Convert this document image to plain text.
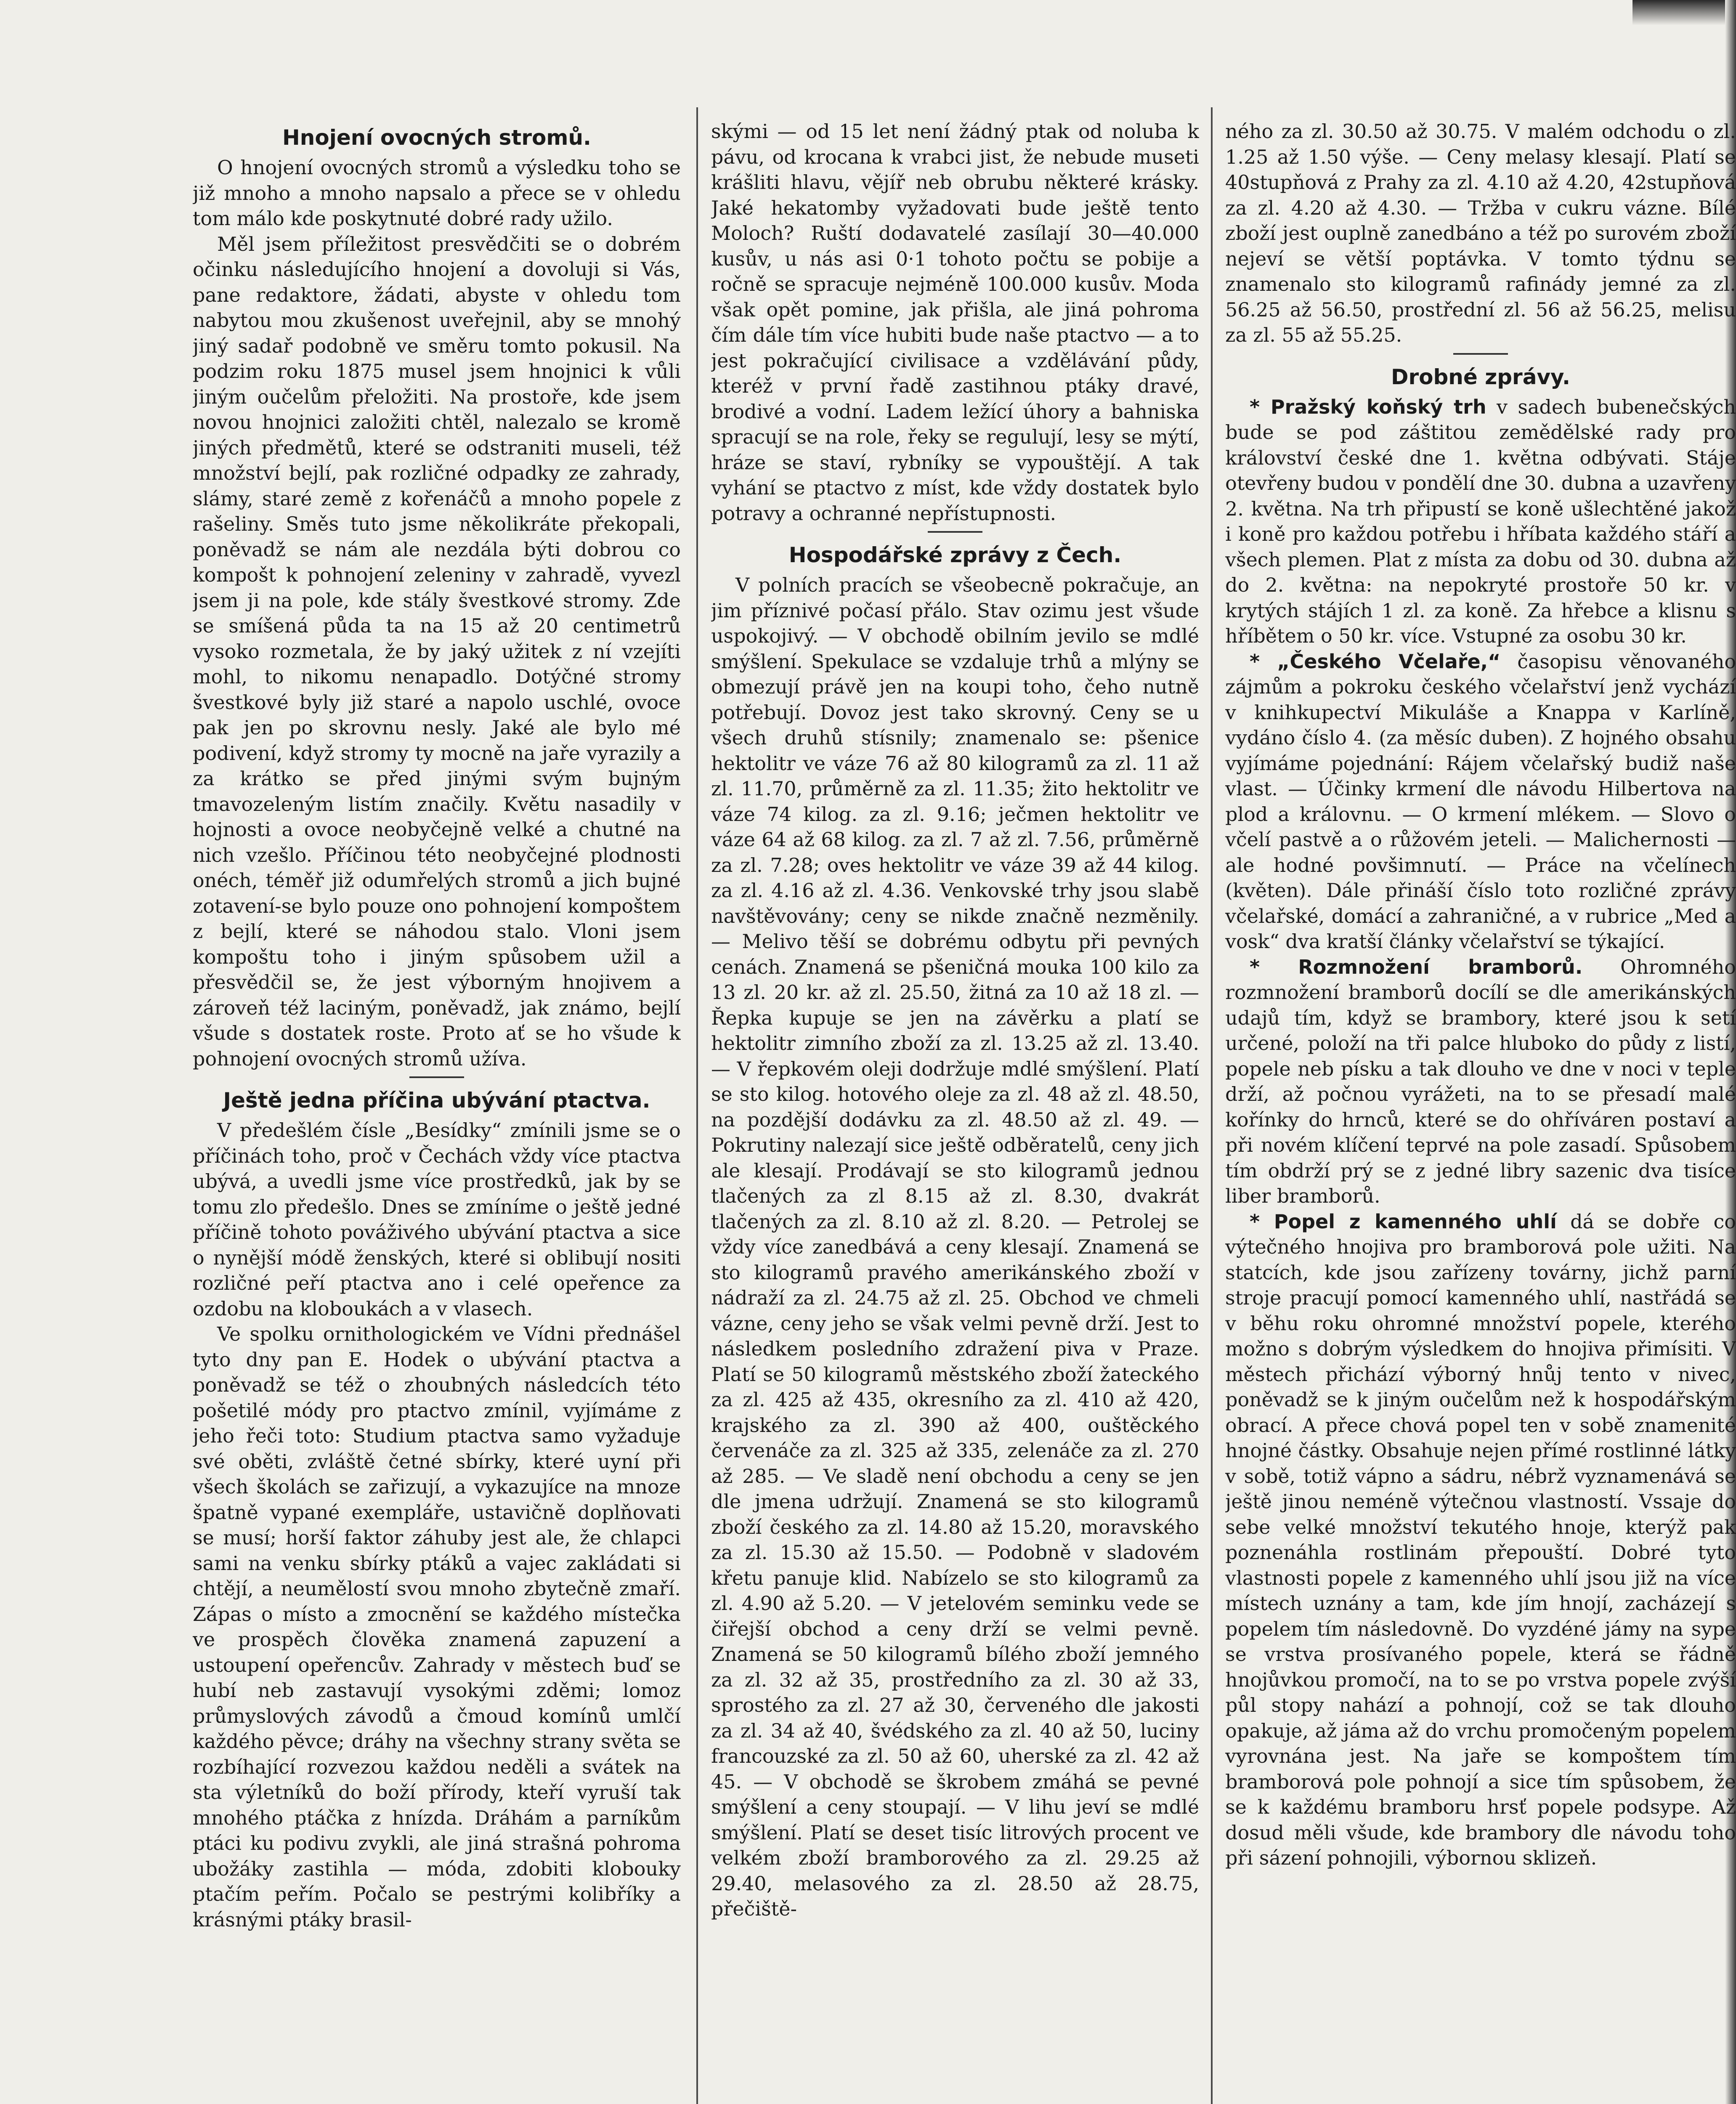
Hnojení ovocných stromů.

O hnojení ovocných stromů a výsledku toho se již mnoho a mnoho napsalo a přece se v ohledu tom málo kde poskytnuté dobré rady užilo.

Měl jsem příležitost presvědčiti se o dobrém očinku následujícího hnojení a dovoluji si Vás, pane redaktore, žádati, abyste v ohledu tom nabytou mou zkušenost uveřejnil, aby se mnohý jiný sadař podobně ve směru tomto pokusil. Na podzim roku 1875 musel jsem hnojnici k vůli jiným oučelům přeložiti. Na prostoře, kde jsem novou hnojnici založiti chtěl, nalezalo se kromě jiných předmětů, které se odstraniti museli, též množství bejlí, pak rozličné odpadky ze zahrady, slámy, staré země z kořenáčů a mnoho popele z rašeliny. Směs tuto jsme několikráte překopali, poněvadž se nám ale nezdála býti dobrou co kompošt k pohnojení zeleniny v zahradě, vyvezl jsem ji na pole, kde stály švestkové stromy. Zde se smíšená půda ta na 15 až 20 centimetrů vysoko rozmetala, že by jaký užitek z ní vzejíti mohl, to nikomu nenapadlo. Dotýčné stromy švestkové byly již staré a napolo uschlé, ovoce pak jen po skrovnu nesly. Jaké ale bylo mé podivení, když stromy ty mocně na jaře vyrazily a za krátko se před jinými svým bujným tmavozeleným listím značily. Květu nasadily v hojnosti a ovoce neobyčejně velké a chutné na nich vzešlo. Příčinou této neobyčejné plodnosti onéch, téměř již odumřelých stromů a jich bujné zotavení-se bylo pouze ono pohnojení kompoštem z bejlí, které se náhodou stalo. Vloni jsem kompoštu toho i jiným spůsobem užil a přesvědčil se, že jest výborným hnojivem a zároveň též laciným, poněvadž, jak známo, bejlí všude s dostatek roste. Proto ať se ho všude k pohnojení ovocných stromů užíva.

Ještě jedna příčina ubývání ptactva.

V předešlém čísle „Besídky“ zmínili jsme se o příčinách toho, proč v Čechách vždy více ptactva ubývá, a uvedli jsme více prostředků, jak by se tomu zlo předešlo. Dnes se zmíníme o ještě jedné příčině tohoto pováživého ubývání ptactva a sice o nynější módě ženských, které si oblibují nositi rozličné peří ptactva ano i celé opeřence za ozdobu na kloboukách a v vlasech.

Ve spolku ornithologickém ve Vídni přednášel tyto dny pan E. Hodek o ubývání ptactva a poněvadž se též o zhoubných následcích této pošetilé módy pro ptactvo zmínil, vyjímáme z jeho řeči toto: Studium ptactva samo vyžaduje své oběti, zvláště četné sbírky, které uyní při všech školách se zařizují, a vykazujíce na mnoze špatně vypané exempláře, ustavičně doplňovati se musí; horší faktor záhuby jest ale, že chlapci sami na venku sbírky ptáků a vajec zakládati si chtějí, a neumělostí svou mnoho zbytečně zmaří. Zápas o místo a zmocnění se každého místečka ve prospěch člověka znamená zapuzení a ustoupení opeřencův. Zahrady v městech buď se hubí neb zastavují vysokými zděmi; lomoz průmyslových závodů a čmoud komínů umlčí každého pěvce; dráhy na všechny strany světa se rozbíhající rozvezou každou neděli a svátek na sta výletníků do boží přírody, kteří vyruší tak mnohého ptáčka z hnízda. Dráhám a parníkům ptáci ku podivu zvykli, ale jiná strašná pohroma ubožáky zastihla — móda, zdobiti klobouky ptačím peřím. Počalo se pestrými kolibříky a krásnými ptáky brasil-

skými — od 15 let není žádný ptak od noluba k pávu, od krocana k vrabci jist, že nebude museti krášliti hlavu, vějíř neb obrubu některé krásky. Jaké hekatomby vyžadovati bude ještě tento Moloch? Ruští dodavatelé zasílají 30—40.000 kusův, u nás asi 0·1 tohoto počtu se pobije a ročně se spracuje nejméně 100.000 kusův. Moda však opět pomine, jak přišla, ale jiná pohroma čím dále tím více hubiti bude naše ptactvo — a to jest pokračující civilisace a vzdělávání půdy, kteréž v první řadě zastihnou ptáky dravé, brodivé a vodní. Ladem ležící úhory a bahniska spracují se na role, řeky se regulují, lesy se mýtí, hráze se staví, rybníky se vypouštějí. A tak vyhání se ptactvo z míst, kde vždy dostatek bylo potravy a ochranné nepřístupnosti.

Hospodářské zprávy z Čech.

V polních pracích se všeobecně pokračuje, an jim příznivé počasí přálo. Stav ozimu jest všude uspokojivý. — V obchodě obilním jevilo se mdlé smýšlení. Spekulace se vzdaluje trhů a mlýny se obmezují právě jen na koupi toho, čeho nutně potřebují. Dovoz jest tako skrovný. Ceny se u všech druhů stísnily; znamenalo se: pšenice hektolitr ve váze 76 až 80 kilogramů za zl. 11 až zl. 11.70, průměrně za zl. 11.35; žito hektolitr ve váze 74 kilog. za zl. 9.16; ječmen hektolitr ve váze 64 až 68 kilog. za zl. 7 až zl. 7.56, průměrně za zl. 7.28; oves hektolitr ve váze 39 až 44 kilog. za zl. 4.16 až zl. 4.36. Venkovské trhy jsou slabě navštěvovány; ceny se nikde značně nezměnily. — Melivo těší se dobrému odbytu při pevných cenách. Znamená se pšeničná mouka 100 kilo za 13 zl. 20 kr. až zl. 25.50, žitná za 10 až 18 zl. — Řepka kupuje se jen na závěrku a platí se hektolitr zimního zboží za zl. 13.25 až zl. 13.40. — V řepkovém oleji dodržuje mdlé smýšlení. Platí se sto kilog. hotového oleje za zl. 48 až zl. 48.50, na pozdější dodávku za zl. 48.50 až zl. 49. — Pokrutiny nalezají sice ještě odběratelů, ceny jich ale klesají. Prodávají se sto kilogramů jednou tlačených za zl 8.15 až zl. 8.30, dvakrát tlačených za zl. 8.10 až zl. 8.20. — Petrolej se vždy více zanedbává a ceny klesají. Znamená se sto kilogramů pravého amerikánského zboží v nádraží za zl. 24.75 až zl. 25. Obchod ve chmeli vázne, ceny jeho se však velmi pevně drží. Jest to následkem posledního zdražení piva v Praze. Platí se 50 kilogramů městského zboží žateckého za zl. 425 až 435, okresního za zl. 410 až 420, krajského za zl. 390 až 400, ouštěckého červenáče za zl. 325 až 335, zelenáče za zl. 270 až 285. — Ve sladě není obchodu a ceny se jen dle jmena udržují. Znamená se sto kilogramů zboží českého za zl. 14.80 až 15.20, moravského za zl. 15.30 až 15.50. — Podobně v sladovém křetu panuje klid. Nabízelo se sto kilogramů za zl. 4.90 až 5.20. — V jetelovém seminku vede se čiřejší obchod a ceny drží se velmi pevně. Znamená se 50 kilogramů bílého zboží jemného za zl. 32 až 35, prostředního za zl. 30 až 33, sprostého za zl. 27 až 30, červeného dle jakosti za zl. 34 až 40, švédského za zl. 40 až 50, luciny francouzské za zl. 50 až 60, uherské za zl. 42 až 45. — V obchodě se škrobem zmáhá se pevné smýšlení a ceny stoupají. — V lihu jeví se mdlé smýšlení. Platí se deset tisíc litrových procent ve velkém zboží bramborového za zl. 29.25 až 29.40, melasového za zl. 28.50 až 28.75, přečiště-

ného za zl. 30.50 až 30.75. V malém odchodu o zl. 1.25 až 1.50 výše. — Ceny melasy klesají. Platí se 40stupňová z Prahy za zl. 4.10 až 4.20, 42stupňová za zl. 4.20 až 4.30. — Tržba v cukru vázne. Bílé zboží jest ouplně zanedbáno a též po surovém zboží nejeví se větší poptávka. V tomto týdnu se znamenalo sto kilogramů rafinády jemné za zl. 56.25 až 56.50, prostřední zl. 56 až 56.25, melisu za zl. 55 až 55.25.

Drobné zprávy.

* Pražský koňský trh v sadech bubenečských bude se pod záštitou zemědělské rady pro království české dne 1. května odbývati. Stáje otevřeny budou v pondělí dne 30. dubna a uzavřeny 2. května. Na trh připustí se koně ušlechtěné jakož i koně pro každou potřebu i hříbata každého stáří a všech plemen. Plat z místa za dobu od 30. dubna až do 2. května: na nepokryté prostoře 50 kr. v krytých stájích 1 zl. za koně. Za hřebce a klisnu s hříbětem o 50 kr. více. Vstupné za osobu 30 kr.

* „Českého Včelaře,“ časopisu věnovaného zájmům a pokroku českého včelařství jenž vychází v knihkupectví Mikuláše a Knappa v Karlíně, vydáno číslo 4. (za měsíc duben). Z hojného obsahu vyjímáme pojednání: Rájem včelařský budiž naše vlast. — Účinky krmení dle návodu Hilbertova na plod a královnu. — O krmení mlékem. — Slovo o včelí pastvě a o růžovém jeteli. — Malichernosti — ale hodné povšimnutí. — Práce na včelínech (květen). Dále přináší číslo toto rozličné zprávy včelařské, domácí a zahraničné, a v rubrice „Med a vosk“ dva kratší články včelařství se týkající.

* Rozmnožení bramborů. Ohromného rozmnožení bramborů docílí se dle amerikánských udajů tím, když se brambory, které jsou k setí určené, položí na tři palce hluboko do půdy z listí, popele neb písku a tak dlouho ve dne v noci v teple drží, až počnou vyrážeti, na to se přesadí malé kořínky do hrnců, které se do ohříváren postaví a při novém klíčení teprvé na pole zasadí. Spůsobem tím obdrží prý se z jedné libry sazenic dva tisíce liber bramborů.

* Popel z kamenného uhlí dá se dobře co výtečného hnojiva pro bramborová pole užiti. Na statcích, kde jsou zařízeny továrny, jichž parní stroje pracují pomocí kamenného uhlí, nastřádá se v běhu roku ohromné množství popele, kterého možno s dobrým výsledkem do hnojiva přimísiti. V městech přichází výborný hnůj tento v nivec, poněvadž se k jiným oučelům než k hospodářským obrací. A přece chová popel ten v sobě znamenité hnojné částky. Obsahuje nejen přímé rostlinné látky v sobě, totiž vápno a sádru, nébrž vyznamenává se ještě jinou neméně výtečnou vlastností. Vssaje do sebe velké množství tekutého hnoje, kterýž pak poznenáhla rostlinám přepouští. Dobré tyto vlastnosti popele z kamenného uhlí jsou již na více místech uznány a tam, kde jím hnojí, zacházejí s popelem tím následovně. Do vyzdéné jámy na sype se vrstva prosívaného popele, která se řádně hnojůvkou promočí, na to se po vrstva popele zvýší půl stopy nahází a pohnojí, což se tak dlouho opakuje, až jáma až do vrchu promočeným popelem vyrovnána jest. Na jaře se kompoštem tím bramborová pole pohnojí a sice tím spůsobem, že se k každému bramboru hrsť popele podsype. Až dosud měli všude, kde brambory dle návodu toho při sázení pohnojili, výbornou sklizeň.
